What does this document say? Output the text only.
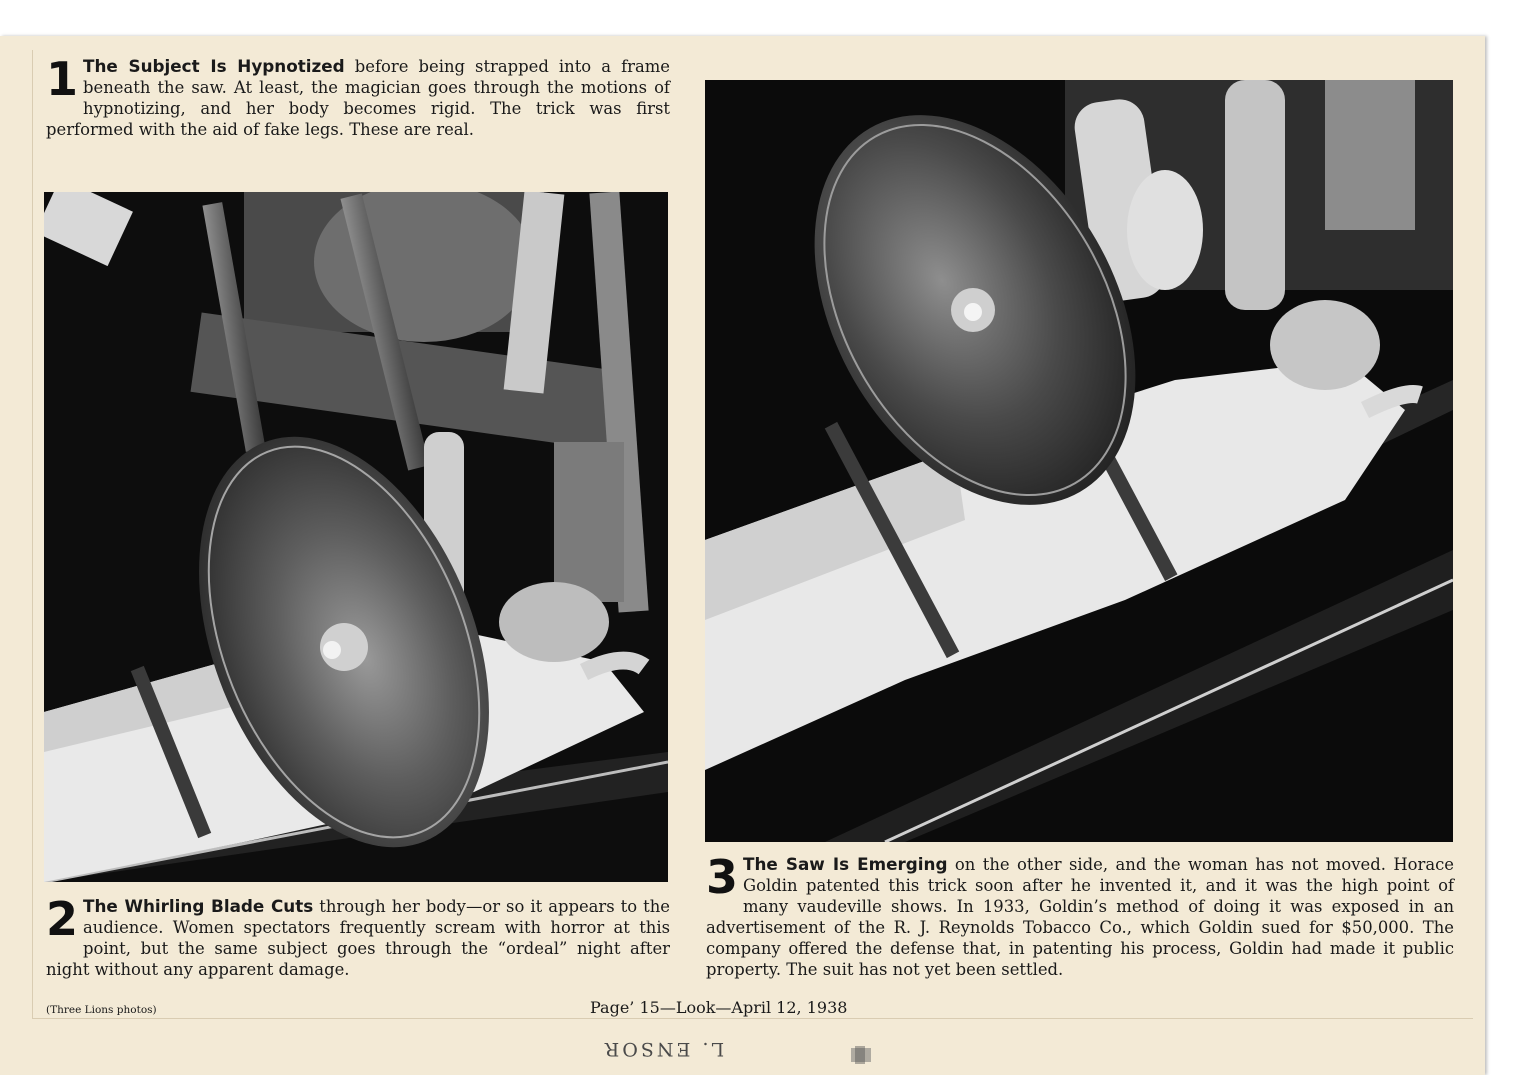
1 The Subject Is Hypnotized before being strapped into a frame beneath the saw. At least, the magician goes through the motions of hypnotizing, and her body becomes rigid. The trick was first performed with the aid of fake legs. These are real.
2 The Whirling Blade Cuts through her body—or so it appears to the audience. Women spectators frequently scream with horror at this point, but the same subject goes through the “ordeal” night after night without any apparent damage.
3 The Saw Is Emerging on the other side, and the woman has not moved. Horace Goldin patented this trick soon after he invented it, and it was the high point of many vaudeville shows. In 1933, Goldin’s method of doing it was exposed in an advertisement of the R. J. Reynolds Tobacco Co., which Goldin sued for $50,000. The company offered the defense that, in patenting his process, Goldin had made it public property. The suit has not yet been settled.
(Three Lions photos)	Page’ 15—Look—April 12, 1938
L. ENSOR
